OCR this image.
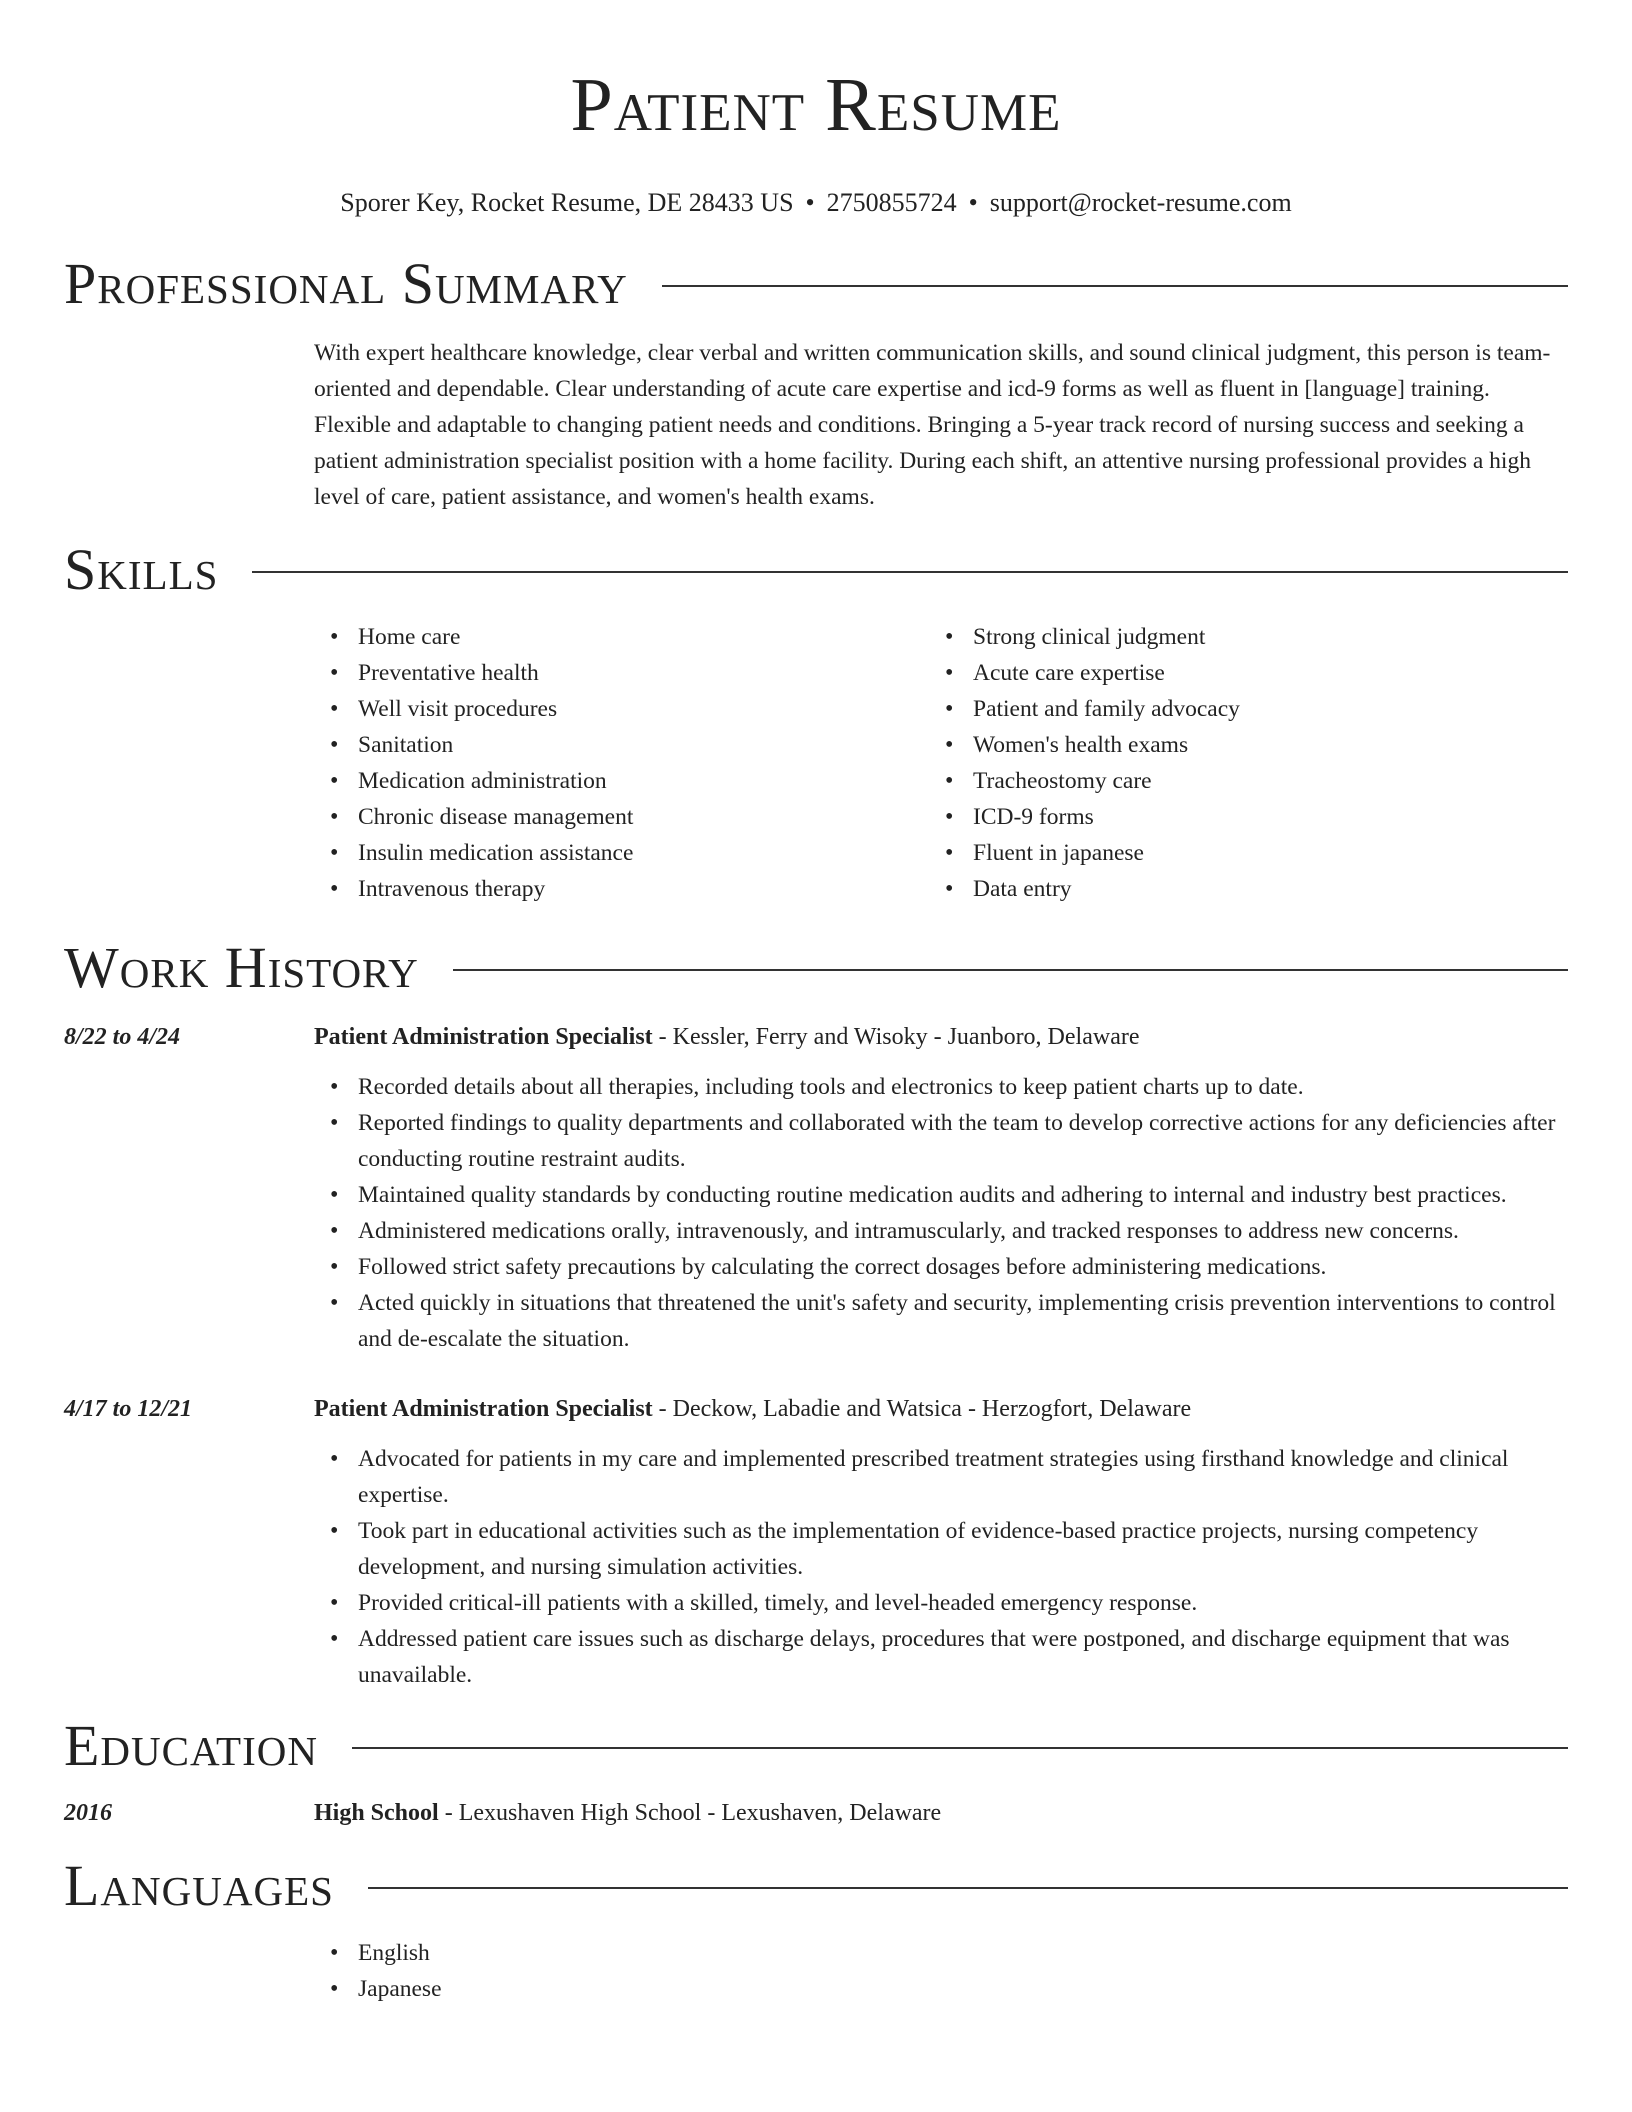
Patient Resume
Sporer Key, Rocket Resume, DE 28433 US • 2750855724 • support@rocket-resume.com
Professional Summary

With expert healthcare knowledge, clear verbal and written communication skills, and sound clinical judgment, this person is team-oriented and dependable. Clear understanding of acute care expertise and icd-9 forms as well as fluent in [language] training. Flexible and adaptable to changing patient needs and conditions. Bringing a 5-year track record of nursing success and seeking a patient administration specialist position with a home facility. During each shift, an attentive nursing professional provides a high level of care, patient assistance, and women's health exams.

Skills
• Home care
• Preventative health
• Well visit procedures
• Sanitation
• Medication administration
• Chronic disease management
• Insulin medication assistance
• Intravenous therapy
• Strong clinical judgment
• Acute care expertise
• Patient and family advocacy
• Women's health exams
• Tracheostomy care
• ICD-9 forms
• Fluent in japanese
• Data entry
Work History
8/22 to 4/24	Patient Administration Specialist - Kessler, Ferry and Wisoky - Juanboro, Delaware
• Recorded details about all therapies, including tools and electronics to keep patient charts up to date.
• Reported findings to quality departments and collaborated with the team to develop corrective actions for any deficiencies after conducting routine restraint audits.
• Maintained quality standards by conducting routine medication audits and adhering to internal and industry best practices.
• Administered medications orally, intravenously, and intramuscularly, and tracked responses to address new concerns.
• Followed strict safety precautions by calculating the correct dosages before administering medications.
• Acted quickly in situations that threatened the unit's safety and security, implementing crisis prevention interventions to control and de-escalate the situation.
4/17 to 12/21	Patient Administration Specialist - Deckow, Labadie and Watsica - Herzogfort, Delaware
• Advocated for patients in my care and implemented prescribed treatment strategies using firsthand knowledge and clinical expertise.
• Took part in educational activities such as the implementation of evidence-based practice projects, nursing competency development, and nursing simulation activities.
• Provided critical-ill patients with a skilled, timely, and level-headed emergency response.
• Addressed patient care issues such as discharge delays, procedures that were postponed, and discharge equipment that was unavailable.
Education
2016	High School - Lexushaven High School - Lexushaven, Delaware
Languages
• English
• Japanese
